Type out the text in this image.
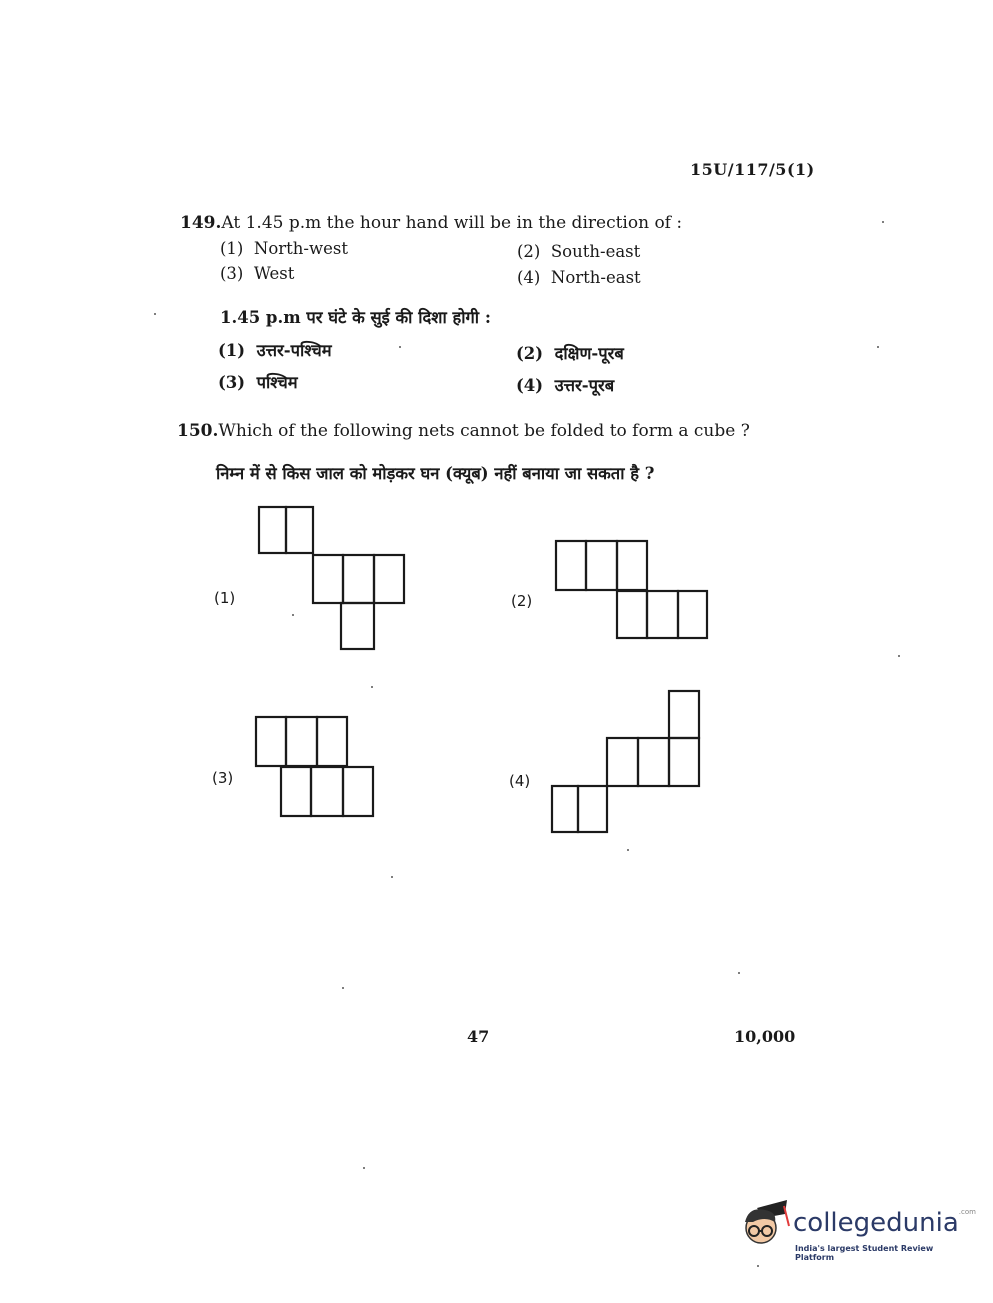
15U/117/5(1)
149.At 1.45 p.m the hour hand will be in the direction of :
(1) North-west	(2) South-east
(3) West	(4) North-east
1.45 p.m पर घंटे के सुई की दिशा होगी :
(1) उत्तर-पश्चिम	(2) दक्षिण-पूरब
(3) पश्चिम	(4) उत्तर-पूरब
150.Which of the following nets cannot be folded to form a cube ?
निम्न में से किस जाल को मोड़कर घन (क्यूब) नहीं बनाया जा सकता है ?
(1)	(2)
(3)	(4)
47	10,000
collegedunia$^{.com}$
India's largest Student Review Platform
